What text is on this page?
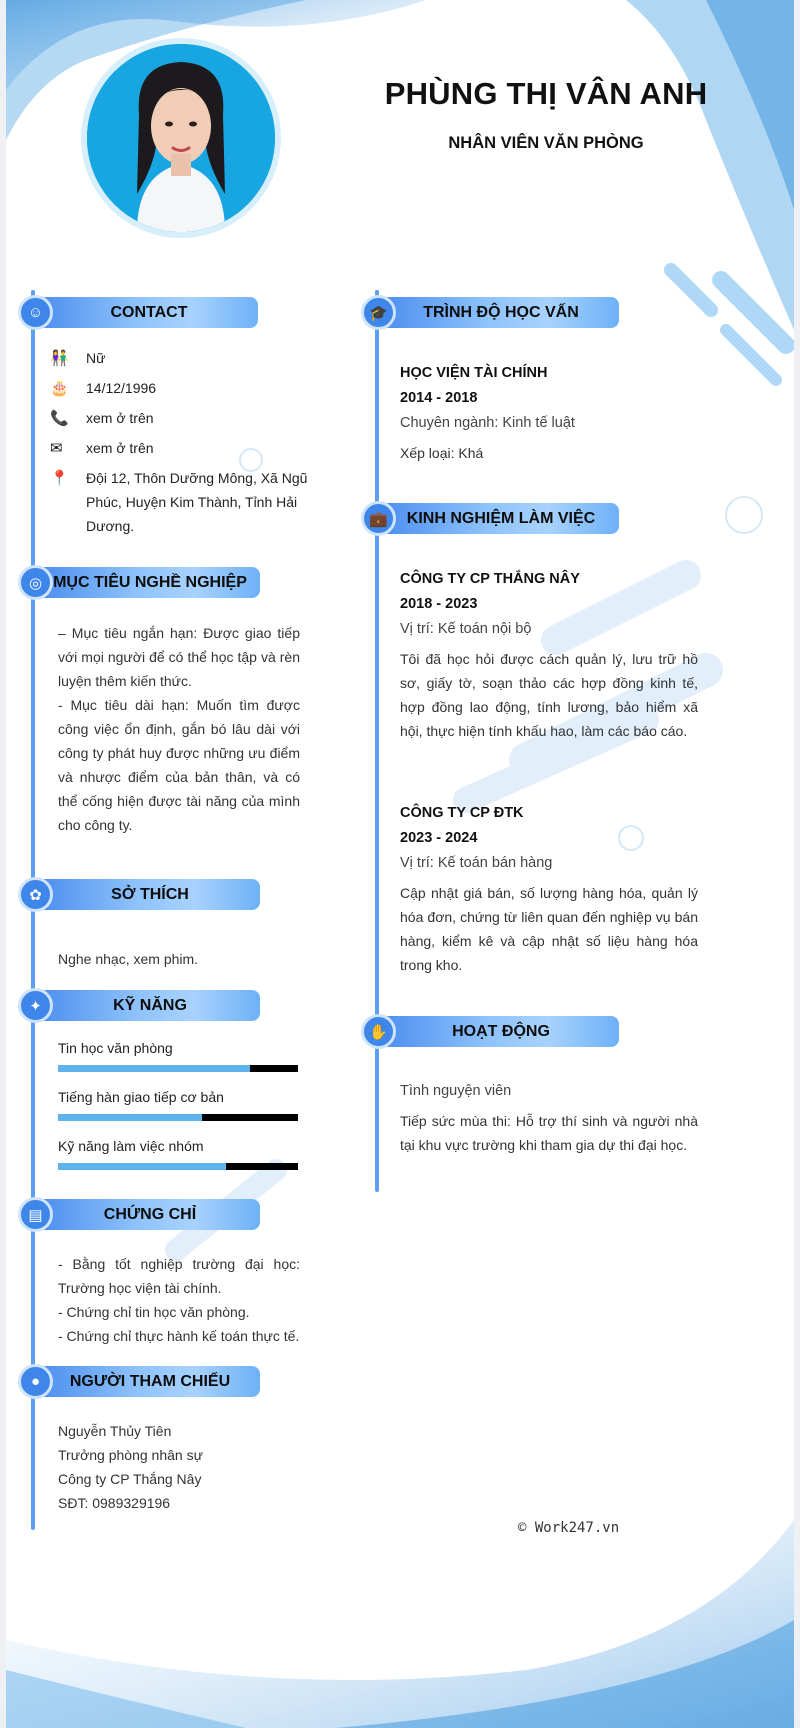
PHÙNG THỊ VÂN ANH
NHÂN VIÊN VĂN PHÒNG
☺	CONTACT
👫	Nữ
🎂	14/12/1996
📞	xem ở trên
✉	xem ở trên
📍	Đội 12, Thôn Dưỡng Mông, Xã Ngũ
Phúc, Huyện Kim Thành, Tỉnh Hải
Dương.
◎ MỤC TIÊU NGHỀ NGHIỆP
– Mục tiêu ngắn hạn: Được giao tiếp với mọi người để có thể học tập và rèn luyện thêm kiến thức.
- Mục tiêu dài hạn: Muốn tìm được công việc ổn định, gắn bó lâu dài với công ty phát huy được những ưu điểm và nhược điểm của bản thân, và có thể cống hiện được tài năng của mình cho công ty.
✿	SỞ THÍCH
Nghe nhạc, xem phim.
✦	KỸ NĂNG
Tin học văn phòng
Tiếng hàn giao tiếp cơ bản
Kỹ năng làm việc nhóm
▤	CHỨNG CHỈ
- Bằng tốt nghiệp trường đại học: Trường học viện tài chính.
- Chứng chỉ tin học văn phòng.
- Chứng chỉ thực hành kế toán thực tế.
●	NGƯỜI THAM CHIẾU
Nguyễn Thủy Tiên
Trưởng phòng nhân sự
Công ty CP Thắng Nây
SĐT: 0989329196
🎓	TRÌNH ĐỘ HỌC VẤN
HỌC VIỆN TÀI CHÍNH
2014 - 2018
Chuyên ngành: Kinh tế luật
Xếp loại: Khá
💼	KINH NGHIỆM LÀM VIỆC
CÔNG TY CP THẮNG NÂY
2018 - 2023
Vị trí: Kế toán nội bộ
Tôi đã học hỏi được cách quản lý, lưu trữ hồ sơ, giấy tờ, soạn thảo các hợp đồng kinh tế, hợp đồng lao động, tính lương, bảo hiểm xã hội, thực hiện tính khấu hao, làm các báo cáo.
CÔNG TY CP ĐTK
2023 - 2024
Vị trí: Kế toán bán hàng
Cập nhật giá bán, số lượng hàng hóa, quản lý hóa đơn, chứng từ liên quan đến nghiệp vụ bán hàng, kiểm kê và cập nhật số liệu hàng hóa trong kho.
✋	HOẠT ĐỘNG
Tình nguyện viên
Tiếp sức mùa thi: Hỗ trợ thí sinh và người nhà tại khu vực trường khi tham gia dự thi đại học.
© Work247.vn
